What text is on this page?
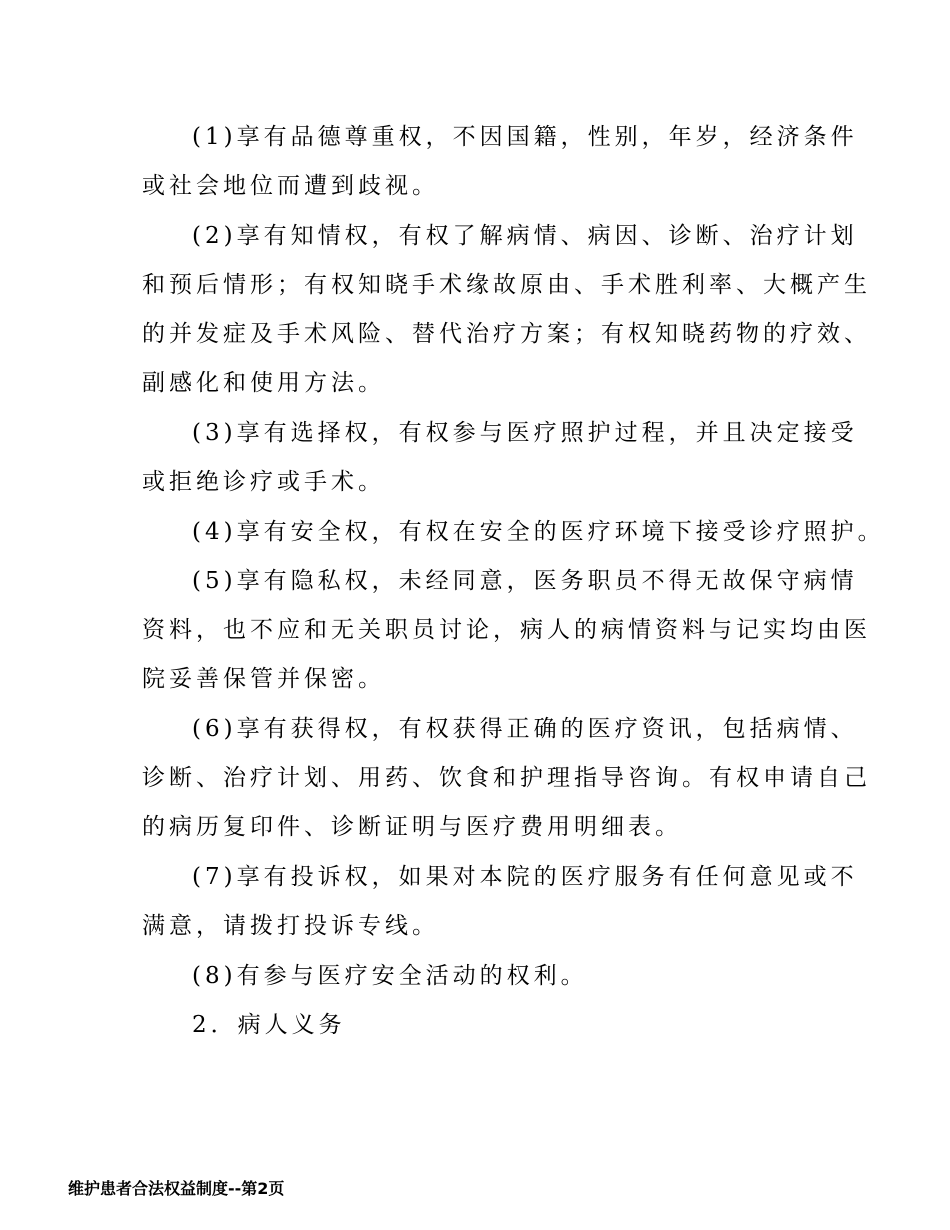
(1)享有品德尊重权，不因国籍，性别，年岁，经济条件
或社会地位而遭到歧视。
(2)享有知情权，有权了解病情、病因、诊断、治疗计划
和预后情形；有权知晓手术缘故原由、手术胜利率、大概产生
的并发症及手术风险、替代治疗方案；有权知晓药物的疗效、
副感化和使用方法。
(3)享有选择权，有权参与医疗照护过程，并且决定接受
或拒绝诊疗或手术。
(4)享有安全权，有权在安全的医疗环境下接受诊疗照护。
(5)享有隐私权，未经同意，医务职员不得无故保守病情
资料，也不应和无关职员讨论，病人的病情资料与记实均由医
院妥善保管并保密。
(6)享有获得权，有权获得正确的医疗资讯，包括病情、
诊断、治疗计划、用药、饮食和护理指导咨询。有权申请自己
的病历复印件、诊断证明与医疗费用明细表。
(7)享有投诉权，如果对本院的医疗服务有任何意见或不
满意，请拨打投诉专线。
(8)有参与医疗安全活动的权利。
2．病人义务
维护患者合法权益制度--第2页
